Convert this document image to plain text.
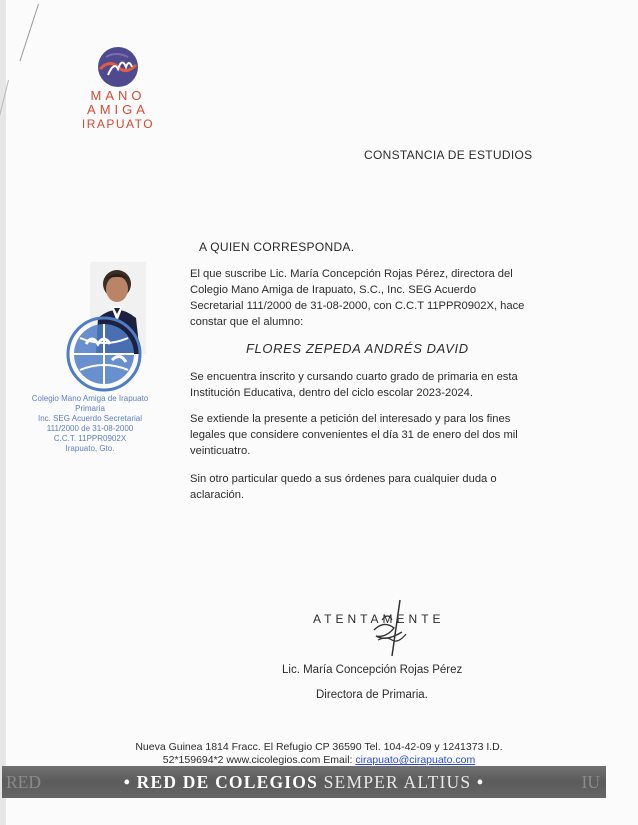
MANO
AMIGA
IRAPUATO
CONSTANCIA DE ESTUDIOS
A QUIEN CORRESPONDA.
El que suscribe Lic. María Concepción Rojas Pérez, directora del Colegio Mano Amiga de Irapuato, S.C., Inc. SEG Acuerdo Secretarial 111/2000 de 31-08-2000, con C.C.T 11PPR0902X, hace constar que el alumno:
FLORES ZEPEDA ANDRÉS DAVID
Se encuentra inscrito y cursando cuarto grado de primaria en esta Institución Educativa, dentro del ciclo escolar 2023-2024.
Se extiende la presente a petición del interesado y para los fines legales que considere convenientes el día 31 de enero del dos mil veinticuatro.
Sin otro particular quedo a sus órdenes para cualquier duda o aclaración.
Colegio Mano Amiga de Irapuato
Primaria
Inc. SEG Acuerdo Secretarial
111/2000 de 31-08-2000
C.C.T. 11PPR0902X
Irapuato, Gto.
ATENTAMENTE
Lic. María Concepción Rojas Pérez
Directora de Primaria.
Nueva Guinea 1814 Fracc. El Refugio CP 36590 Tel. 104-42-09 y 1241373 I.D.
52*159694*2 www.cicolegios.com Email: cirapuato@cirapuato.com
RED	• RED DE COLEGIOS SEMPER ALTIUS •	IU
